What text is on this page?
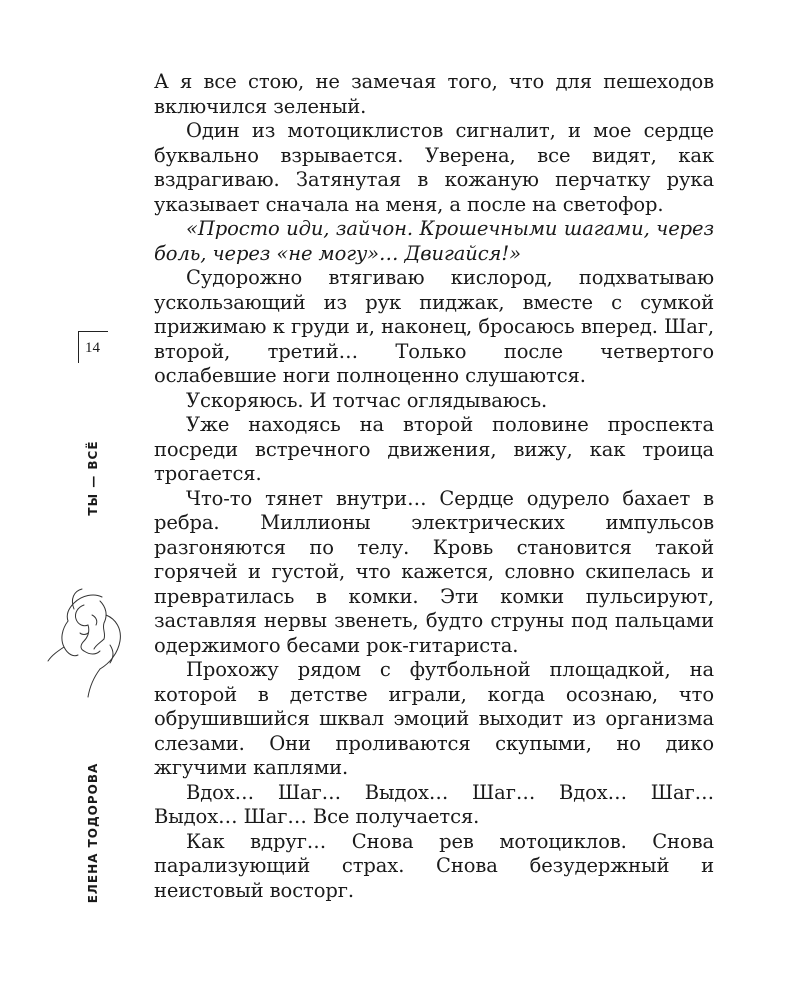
А я все стою, не замечая того, что для пешеходов включился зеленый.

Один из мотоциклистов сигналит, и мое сердце буквально взрывается. Уверена, все видят, как вздрагиваю. Затянутая в кожаную перчатку рука указывает сначала на меня, а после на светофор.

«Просто иди, зайчон. Крошечными шагами, через боль, через «не могу»… Двигайся!»

Судорожно втягиваю кислород, подхватываю ускользающий из рук пиджак, вместе с сумкой прижимаю к груди и, наконец, бросаюсь вперед. Шаг, второй, третий… Только после четвертого ослабевшие ноги полноценно слушаются.

Ускоряюсь. И тотчас оглядываюсь.

Уже находясь на второй половине проспекта посреди встречного движения, вижу, как троица трогается.

Что-то тянет внутри… Сердце одурело бахает в ребра. Миллионы электрических импульсов разгоняются по телу. Кровь становится такой горячей и густой, что кажется, словно скипелась и превратилась в комки. Эти комки пульсируют, заставляя нервы звенеть, будто струны под пальцами одержимого бесами рок-гитариста.

Прохожу рядом с футбольной площадкой, на которой в детстве играли, когда осознаю, что обрушившийся шквал эмоций выходит из организма слезами. Они проливаются скупыми, но дико жгучими каплями.

Вдох… Шаг… Выдох… Шаг… Вдох… Шаг… Выдох… Шаг… Все получается.

Как вдруг… Снова рев мотоциклов. Снова парализующий страх. Снова безудержный и неистовый восторг.

14
ТЫ — ВСЁ
ЕЛЕНА ТОДОРОВА
